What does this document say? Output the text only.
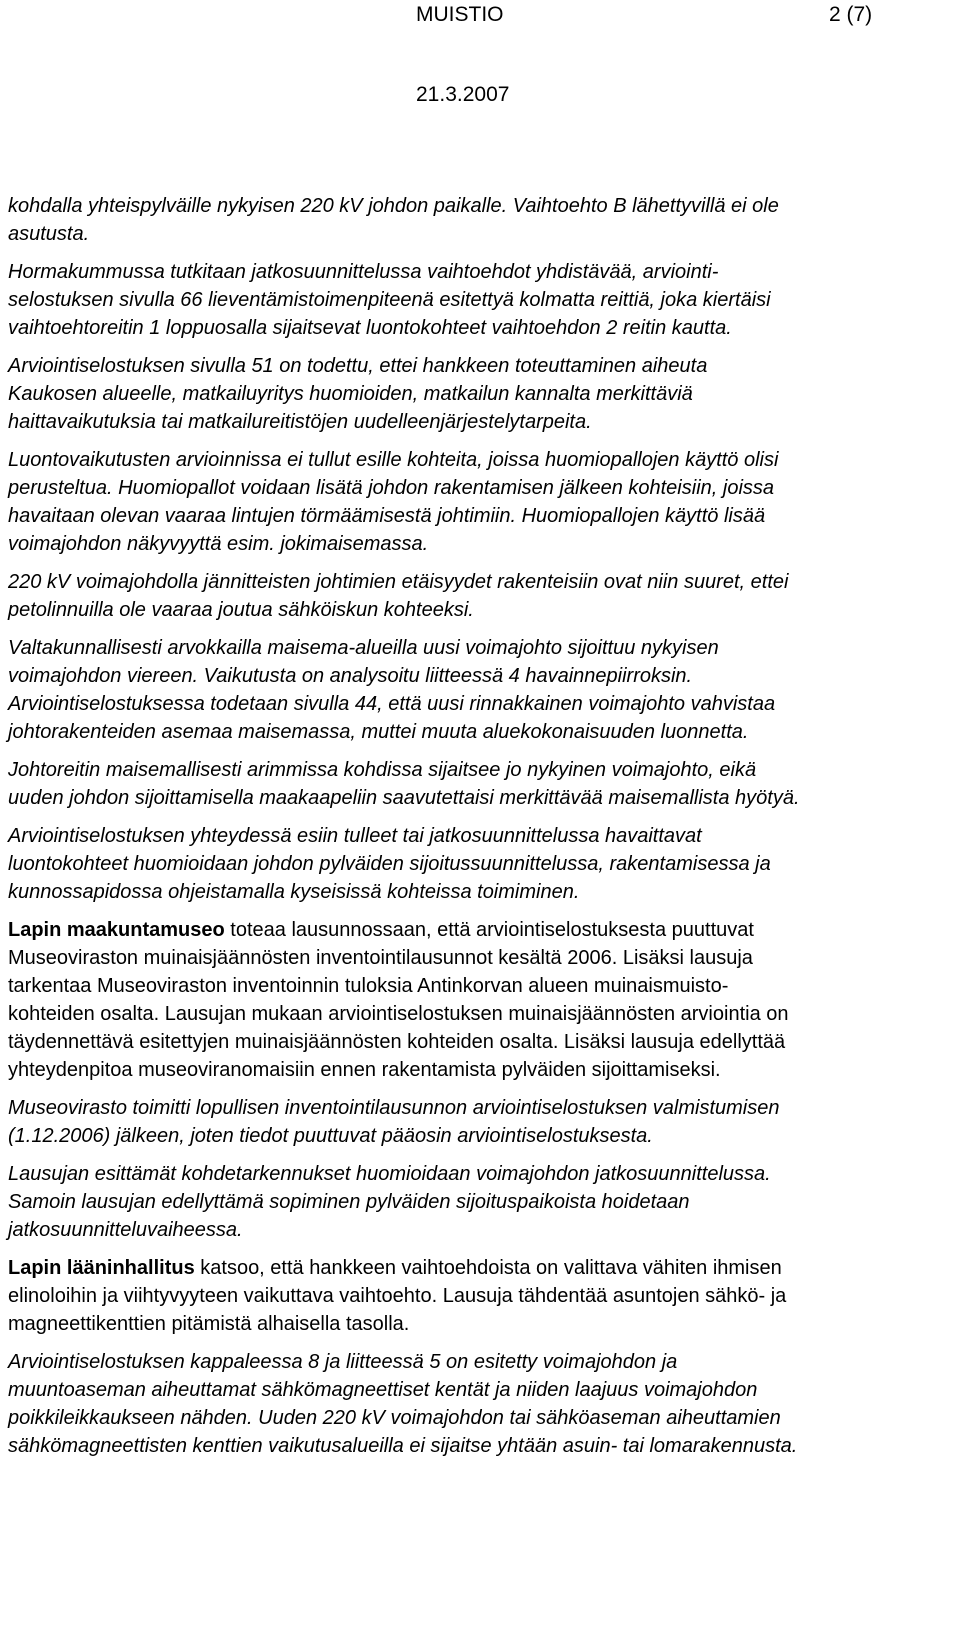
MUISTIO	2 (7)
21.3.2007

kohdalla yhteispylväille nykyisen 220 kV johdon paikalle. Vaihtoehto B lähettyvillä ei ole
asutusta.

Hormakummussa tutkitaan jatkosuunnittelussa vaihtoehdot yhdistävää, arviointi-
selostuksen sivulla 66 lieventämistoimenpiteenä esitettyä kolmatta reittiä, joka kiertäisi
vaihtoehtoreitin 1 loppuosalla sijaitsevat luontokohteet vaihtoehdon 2 reitin kautta.

Arviointiselostuksen sivulla 51 on todettu, ettei hankkeen toteuttaminen aiheuta
Kaukosen alueelle, matkailuyritys huomioiden, matkailun kannalta merkittäviä
haittavaikutuksia tai matkailureitistöjen uudelleenjärjestelytarpeita.

Luontovaikutusten arvioinnissa ei tullut esille kohteita, joissa huomiopallojen käyttö olisi
perusteltua. Huomiopallot voidaan lisätä johdon rakentamisen jälkeen kohteisiin, joissa
havaitaan olevan vaaraa lintujen törmäämisestä johtimiin. Huomiopallojen käyttö lisää
voimajohdon näkyvyyttä esim. jokimaisemassa.

220 kV voimajohdolla jännitteisten johtimien etäisyydet rakenteisiin ovat niin suuret, ettei
petolinnuilla ole vaaraa joutua sähköiskun kohteeksi.

Valtakunnallisesti arvokkailla maisema-alueilla uusi voimajohto sijoittuu nykyisen
voimajohdon viereen. Vaikutusta on analysoitu liitteessä 4 havainnepiirroksin.

Arviointiselostuksessa todetaan sivulla 44, että uusi rinnakkainen voimajohto vahvistaa
johtorakenteiden asemaa maisemassa, muttei muuta aluekokonaisuuden luonnetta.

Johtoreitin maisemallisesti arimmissa kohdissa sijaitsee jo nykyinen voimajohto, eikä
uuden johdon sijoittamisella maakaapeliin saavutettaisi merkittävää maisemallista hyötyä.

Arviointiselostuksen yhteydessä esiin tulleet tai jatkosuunnittelussa havaittavat
luontokohteet huomioidaan johdon pylväiden sijoitussuunnittelussa, rakentamisessa ja
kunnossapidossa ohjeistamalla kyseisissä kohteissa toimiminen.

Lapin maakuntamuseo toteaa lausunnossaan, että arviointiselostuksesta puuttuvat
Museoviraston muinaisjäännösten inventointilausunnot kesältä 2006. Lisäksi lausuja
tarkentaa Museoviraston inventoinnin tuloksia Antinkorvan alueen muinaismuisto-
kohteiden osalta. Lausujan mukaan arviointiselostuksen muinaisjäännösten arviointia on
täydennettävä esitettyjen muinaisjäännösten kohteiden osalta. Lisäksi lausuja edellyttää
yhteydenpitoa museoviranomaisiin ennen rakentamista pylväiden sijoittamiseksi.

Museovirasto toimitti lopullisen inventointilausunnon arviointiselostuksen valmistumisen
(1.12.2006) jälkeen, joten tiedot puuttuvat pääosin arviointiselostuksesta.

Lausujan esittämät kohdetarkennukset huomioidaan voimajohdon jatkosuunnittelussa.
Samoin lausujan edellyttämä sopiminen pylväiden sijoituspaikoista hoidetaan
jatkosuunnitteluvaiheessa.

Lapin lääninhallitus katsoo, että hankkeen vaihtoehdoista on valittava vähiten ihmisen
elinoloihin ja viihtyvyyteen vaikuttava vaihtoehto. Lausuja tähdentää asuntojen sähkö- ja
magneettikenttien pitämistä alhaisella tasolla.

Arviointiselostuksen kappaleessa 8 ja liitteessä 5 on esitetty voimajohdon ja
muuntoaseman aiheuttamat sähkömagneettiset kentät ja niiden laajuus voimajohdon
poikkileikkaukseen nähden. Uuden 220 kV voimajohdon tai sähköaseman aiheuttamien
sähkömagneettisten kenttien vaikutusalueilla ei sijaitse yhtään asuin- tai lomarakennusta.
